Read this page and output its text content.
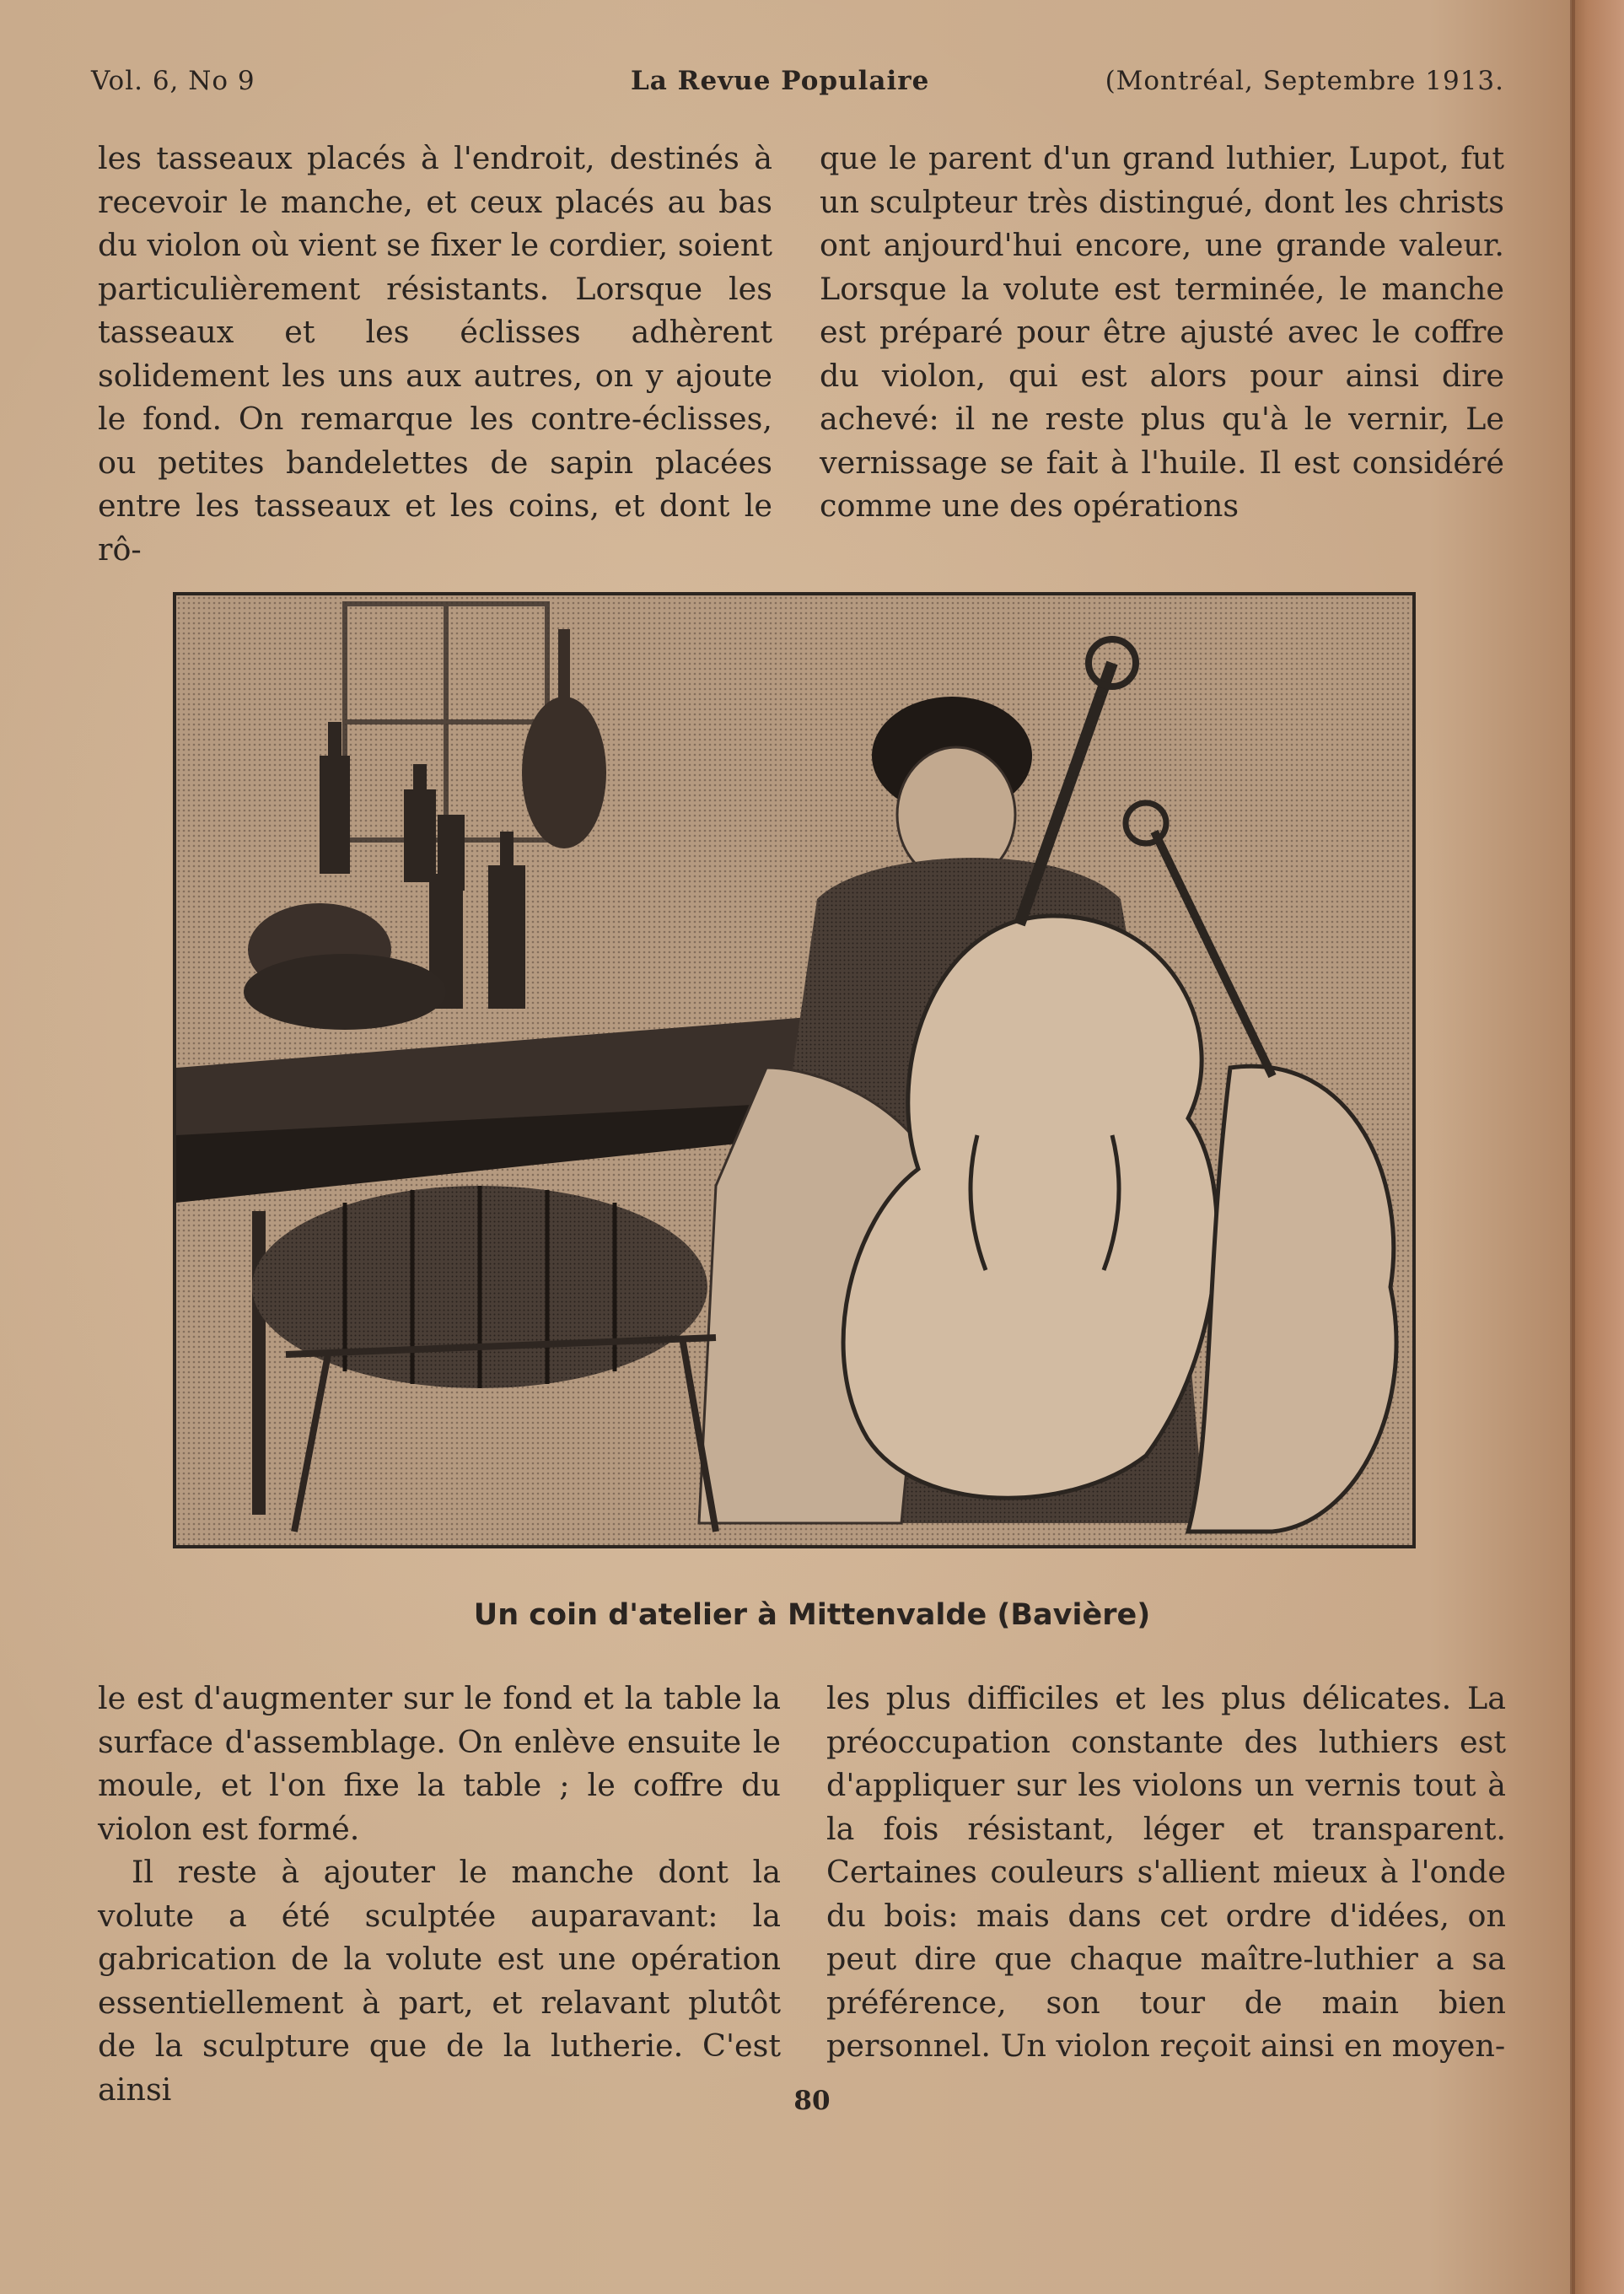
Vol. 6, No 9	La Revue Populaire	(Montréal, Septembre 1913.

les tasseaux placés à l'endroit, destinés à recevoir le manche, et ceux placés au bas du violon où vient se fixer le cordier, soient particulièrement résistants. Lorsque les tasseaux et les éclisses adhèrent solidement les uns aux autres, on y ajoute le fond. On remarque les contre-éclisses, ou petites bandelettes de sapin placées entre les tasseaux et les coins, et dont le rô-

que le parent d'un grand luthier, Lupot, fut un sculpteur très distingué, dont les christs ont anjourd'hui encore, une grande valeur. Lorsque la volute est terminée, le manche est préparé pour être ajusté avec le coffre du violon, qui est alors pour ainsi dire achevé: il ne reste plus qu'à le vernir, Le vernissage se fait à l'huile. Il est considéré comme une des opérations

Un coin d'atelier à Mittenvalde (Bavière)

le est d'augmenter sur le fond et la table la surface d'assemblage. On enlève ensuite le moule, et l'on fixe la table ; le coffre du violon est formé.

Il reste à ajouter le manche dont la volute a été sculptée auparavant: la gabrication de la volute est une opération essentiellement à part, et relavant plutôt de la sculpture que de la lutherie. C'est ainsi

les plus difficiles et les plus délicates. La préoccupation constante des luthiers est d'appliquer sur les violons un vernis tout à la fois résistant, léger et transparent. Certaines couleurs s'allient mieux à l'onde du bois: mais dans cet ordre d'idées, on peut dire que chaque maître-luthier a sa préférence, son tour de main bien personnel. Un violon reçoit ainsi en moyen-

80
